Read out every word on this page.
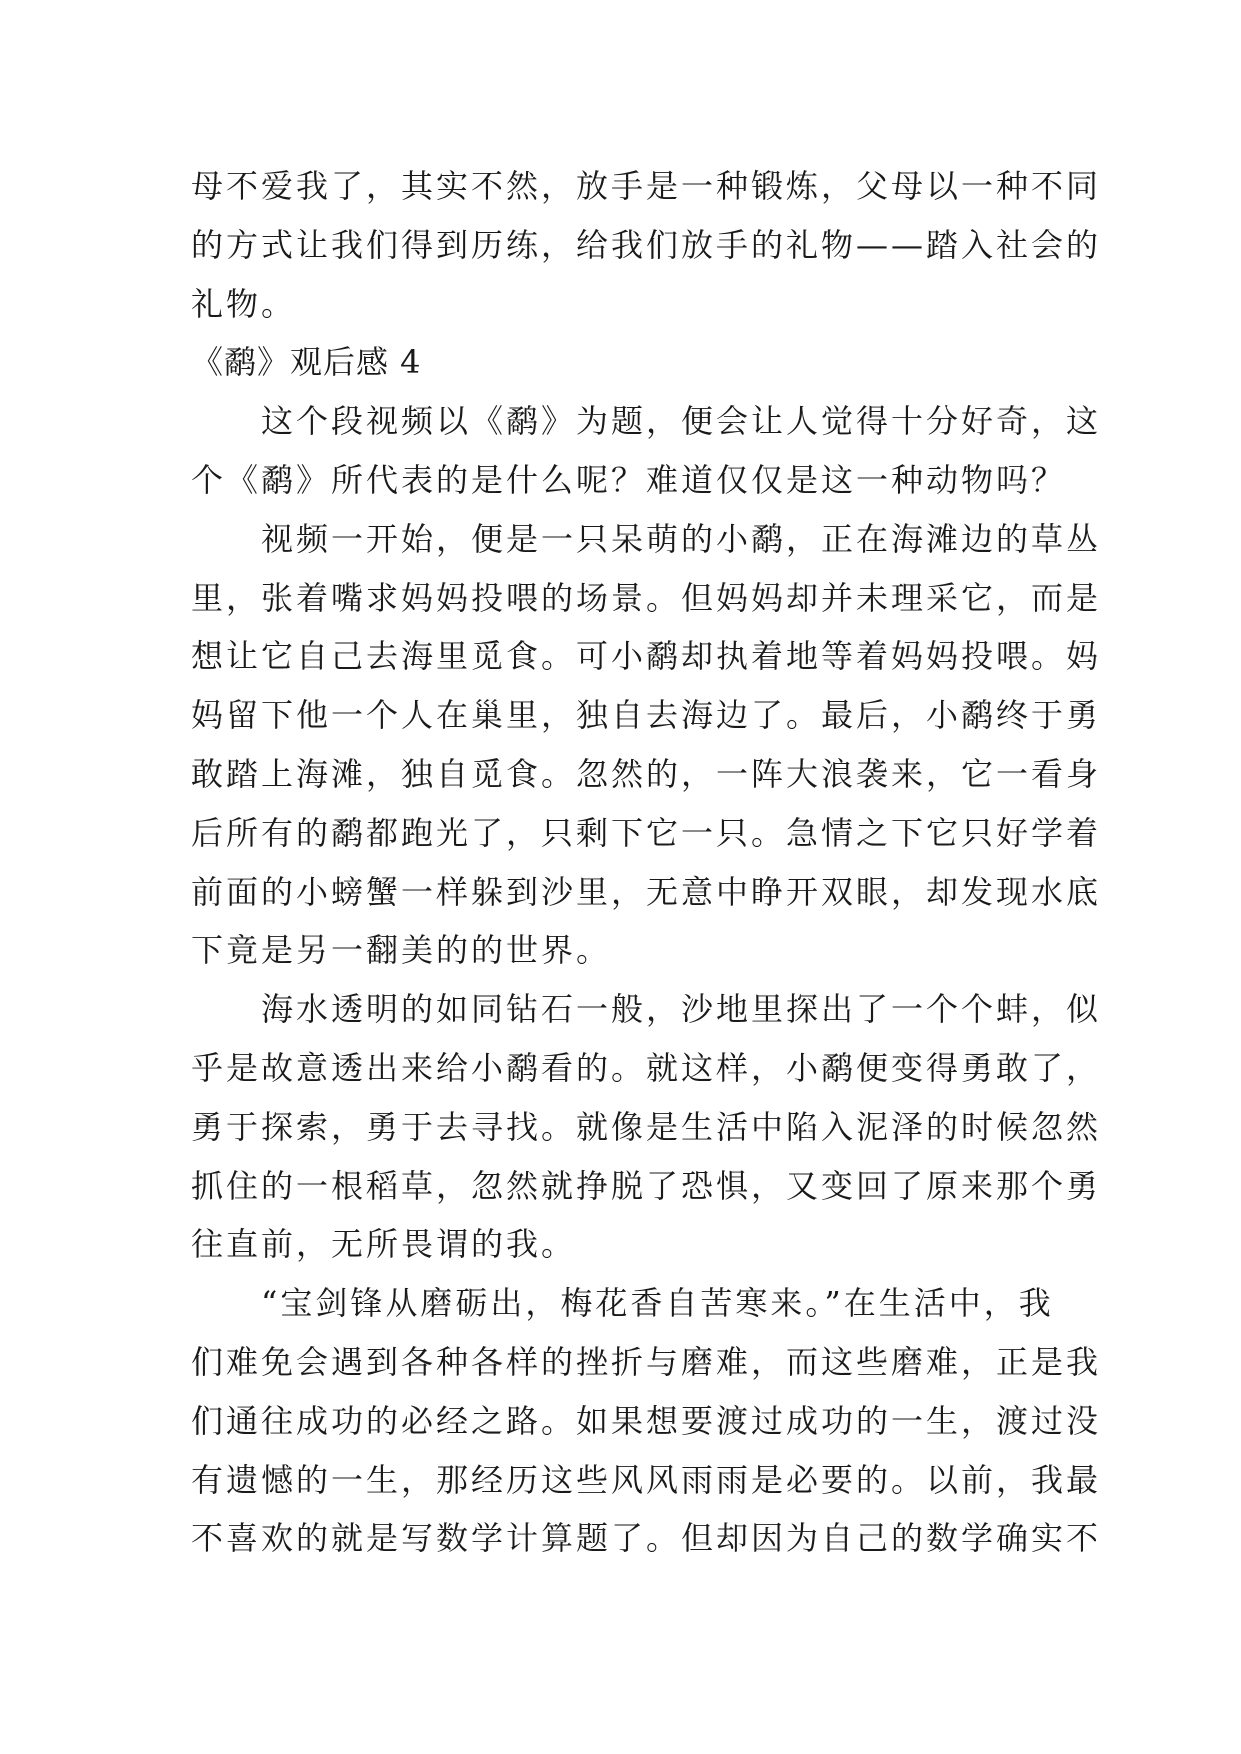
母不爱我了，其实不然，放手是一种锻炼，父母以一种不同
的方式让我们得到历练，给我们放手的礼物——踏入社会的
礼物。
《鹬》观后感 4
　　这个段视频以《鹬》为题，便会让人觉得十分好奇，这
个《鹬》所代表的是什么呢？难道仅仅是这一种动物吗？
　　视频一开始，便是一只呆萌的小鹬，正在海滩边的草丛
里，张着嘴求妈妈投喂的场景。但妈妈却并未理采它，而是
想让它自己去海里觅食。可小鹬却执着地等着妈妈投喂。妈
妈留下他一个人在巢里，独自去海边了。最后，小鹬终于勇
敢踏上海滩，独自觅食。忽然的，一阵大浪袭来，它一看身
后所有的鹬都跑光了，只剩下它一只。急情之下它只好学着
前面的小螃蟹一样躲到沙里，无意中睁开双眼，却发现水底
下竟是另一翻美的的世界。
　　海水透明的如同钻石一般，沙地里探出了一个个蚌，似
乎是故意透出来给小鹬看的。就这样，小鹬便变得勇敢了，
勇于探索，勇于去寻找。就像是生活中陷入泥泽的时候忽然
抓住的一根稻草，忽然就挣脱了恐惧，又变回了原来那个勇
往直前，无所畏谓的我。
　　“宝剑锋从磨砺出，梅花香自苦寒来。”在生活中，我
们难免会遇到各种各样的挫折与磨难，而这些磨难，正是我
们通往成功的必经之路。如果想要渡过成功的一生，渡过没
有遗憾的一生，那经历这些风风雨雨是必要的。以前，我最
不喜欢的就是写数学计算题了。但却因为自己的数学确实不
